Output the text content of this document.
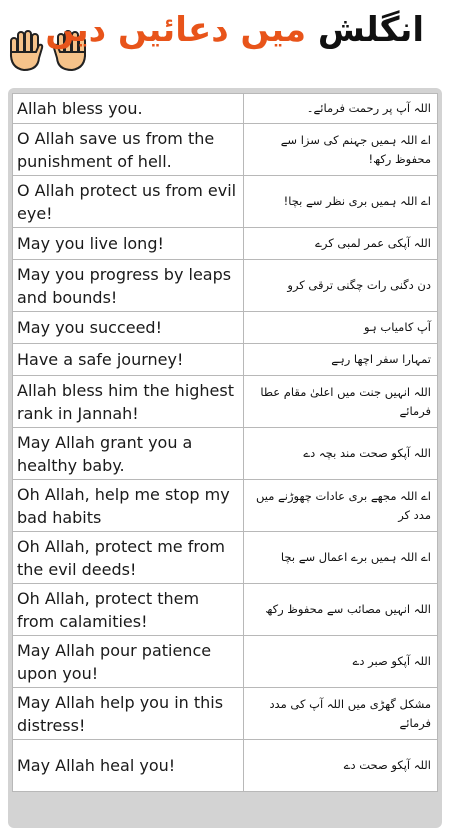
انگلش میں دعائیں دیں
Allah bless you.	اللہ آپ پر رحمت فرمائے۔
O Allah save us from the punishment of hell.	اے اللہ ہمیں جہنم کی سزا سے محفوظ رکھ!
O Allah protect us from evil eye!	اے اللہ ہمیں بری نظر سے بچا!
May you live long!	اللہ آپکی عمر لمبی کرے
May you progress by leaps and bounds!	دن دگنی رات چگنی ترقی کرو
May you succeed!	آپ کامیاب ہو
Have a safe journey!	تمہارا سفر اچھا رہے
Allah bless him the highest rank in Jannah!	اللہ انہیں جنت میں اعلیٰ مقام عطا فرمائے
May Allah grant you a healthy baby.	اللہ آپکو صحت مند بچہ دے
Oh Allah, help me stop my bad habits	اے اللہ مجھے بری عادات چھوڑنے میں مدد کر
Oh Allah, protect me from the evil deeds!	اے اللہ ہمیں برے اعمال سے بچا
Oh Allah, protect them from calamities!	اللہ انہیں مصائب سے محفوظ رکھ
May Allah pour patience upon you!	اللہ آپکو صبر دے
May Allah help you in this distress!	مشکل گھڑی میں اللہ آپ کی مدد فرمائے
May Allah heal you!	اللہ آپکو صحت دے
